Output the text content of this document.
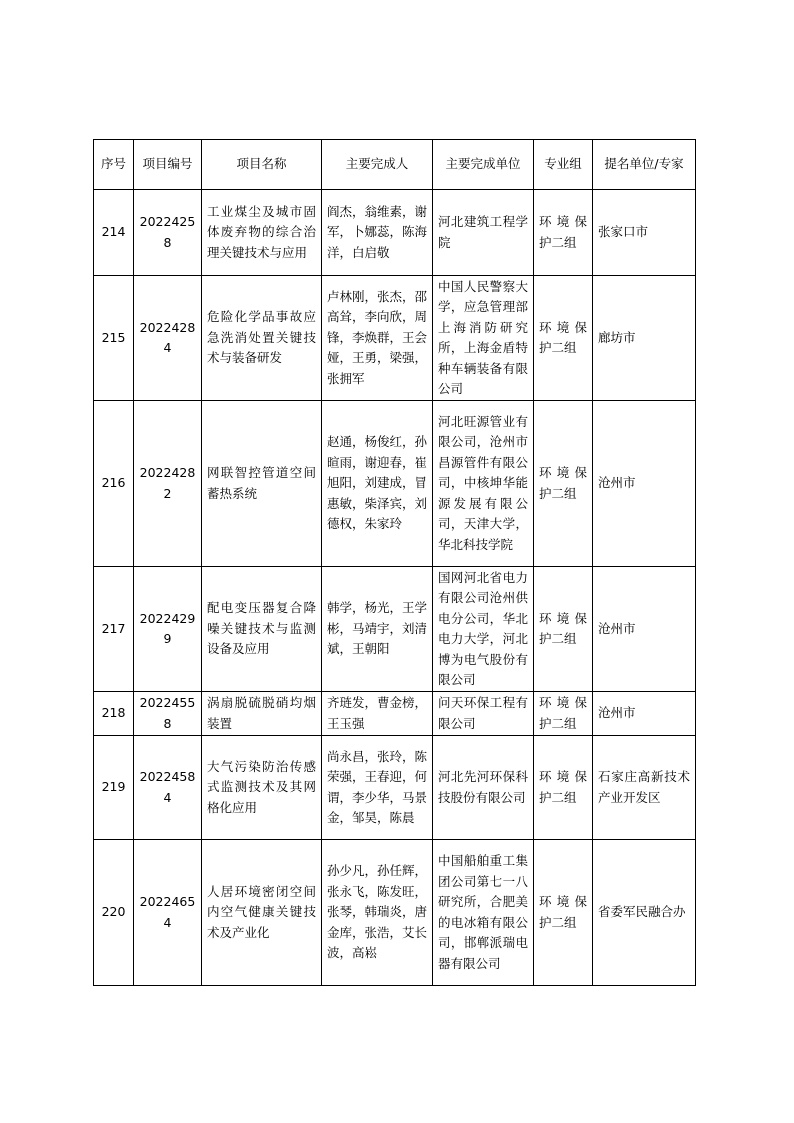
序号	项目编号	项目名称	主要完成人	主要完成单位	专业组	提名单位/专家
214	20224258	工业煤尘及城市固体废弃物的综合治理关键技术与应用	阎杰，翁维素，谢军，卜娜蕊，陈海洋，白启敬	河北建筑工程学院	环境保护二组	张家口市
215	20224284	危险化学品事故应急洗消处置关键技术与装备研发	卢林刚，张杰，邵高耸，李向欣，周锋，李焕群，王会娅，王勇，梁强，张拥军	中国人民警察大学，应急管理部上海消防研究所，上海金盾特种车辆装备有限公司	环境保护二组	廊坊市
216	20224282	网联智控管道空间蓄热系统	赵通，杨俊红，孙暄雨，谢迎春，崔旭阳，刘建成，冒惠敏，柴泽宾，刘德权，朱家玲	河北旺源管业有限公司，沧州市昌源管件有限公司，中核坤华能源发展有限公司，天津大学，华北科技学院	环境保护二组	沧州市
217	20224299	配电变压器复合降噪关键技术与监测设备及应用	韩学，杨光，王学彬，马靖宇，刘清斌，王朝阳	国网河北省电力有限公司沧州供电分公司，华北电力大学，河北博为电气股份有限公司	环境保护二组	沧州市
218	20224558	涡扇脱硫脱硝均烟装置	齐琏发，曹金榜，王玉强	问天环保工程有限公司	环境保护二组	沧州市
219	20224584	大气污染防治传感式监测技术及其网格化应用	尚永昌，张玲，陈荣强，王春迎，何谓，李少华，马景金，邹昊，陈晨	河北先河环保科技股份有限公司	环境保护二组	石家庄高新技术产业开发区
220	20224654	人居环境密闭空间内空气健康关键技术及产业化	孙少凡，孙任辉，张永飞，陈发旺，张琴，韩瑞炎，唐金库，张浩，艾长波，高崧	中国船舶重工集团公司第七一八研究所，合肥美的电冰箱有限公司，邯郸派瑞电器有限公司	环境保护二组	省委军民融合办
